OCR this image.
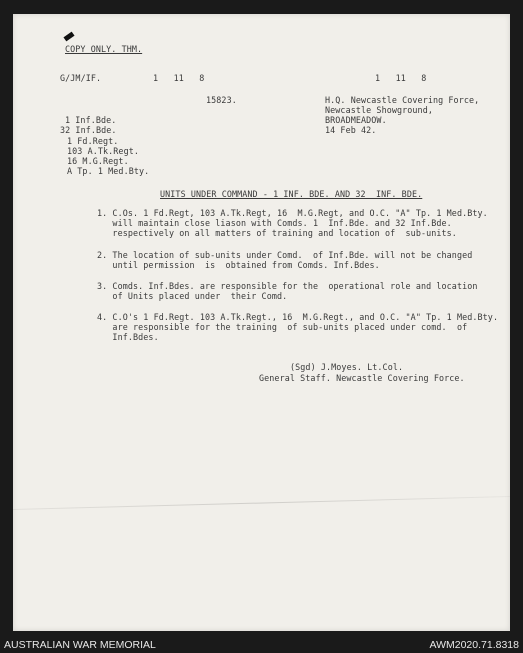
COPY ONLY. THM.
G/JM/IF.	1   11   8	1   11   8
15823.	H.Q. Newcastle Covering Force,
Newcastle Showground,
BROADMEADOW.
14 Feb 42.
1 Inf.Bde.
32 Inf.Bde.
1 Fd.Regt.
103 A.Tk.Regt.
16 M.G.Regt.
A Tp. 1 Med.Bty.
UNITS UNDER COMMAND - 1 INF. BDE. AND 32  INF. BDE.
1. C.Os. 1 Fd.Regt, 103 A.Tk.Regt, 16  M.G.Regt, and O.C. "A" Tp. 1 Med.Bty.
will maintain close liason with Comds. 1  Inf.Bde. and 32 Inf.Bde.
respectively on all matters of training and location of  sub-units.
2. The location of sub-units under Comd.  of Inf.Bde. will not be changed
until permission  is  obtained from Comds. Inf.Bdes.
3. Comds. Inf.Bdes. are responsible for the  operational role and location
of Units placed under  their Comd.
4. C.O's 1 Fd.Regt. 103 A.Tk.Regt., 16  M.G.Regt., and O.C. "A" Tp. 1 Med.Bty.
are responsible for the training  of sub-units placed under comd.  of
Inf.Bdes.
(Sgd) J.Moyes. Lt.Col.
General Staff. Newcastle Covering Force.
AUSTRALIAN WAR MEMORIAL	AWM2020.71.8318
